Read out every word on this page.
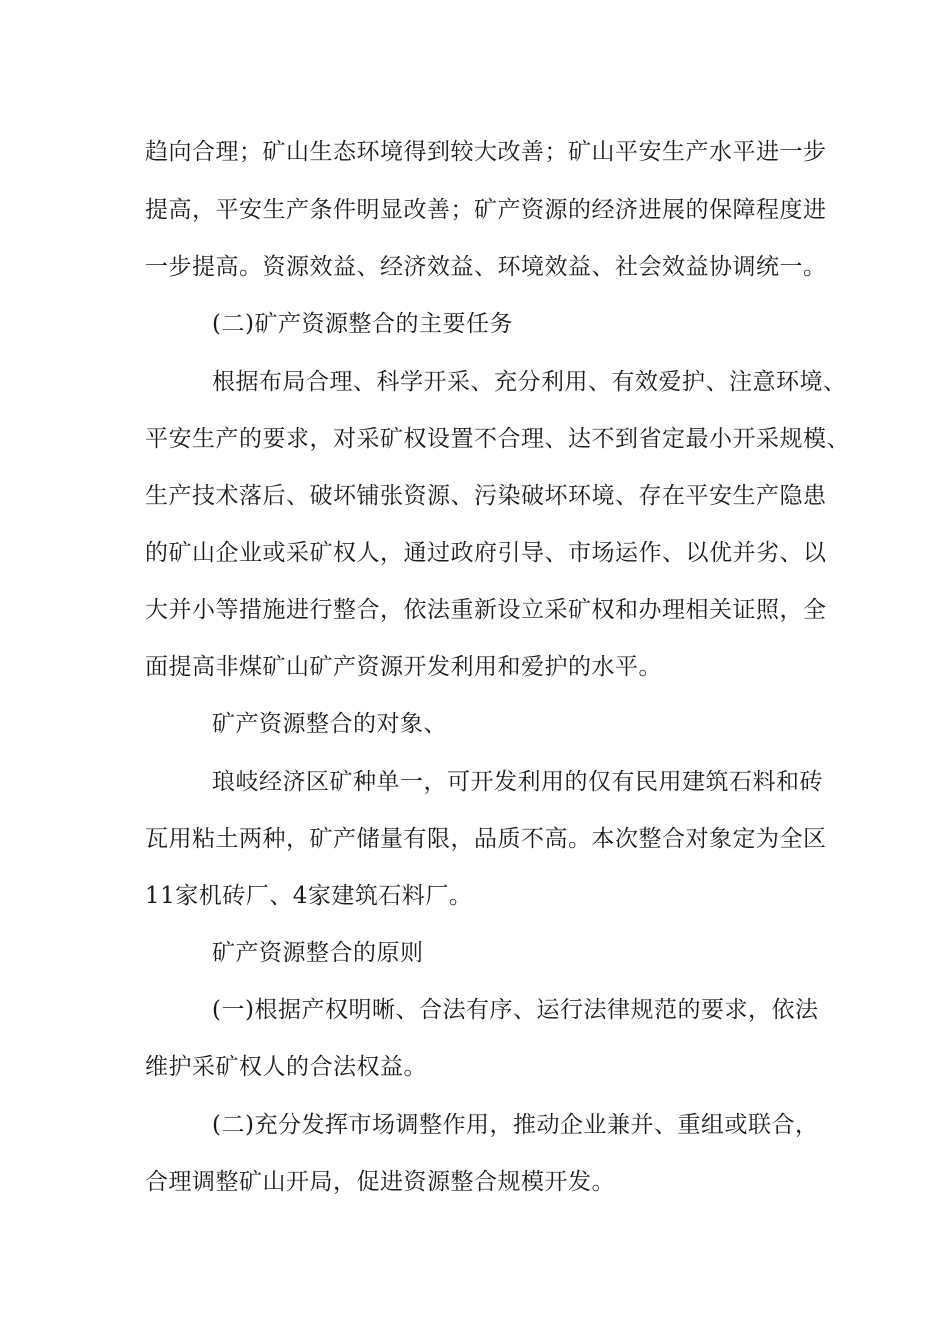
趋向合理；矿山生态环境得到较大改善；矿山平安生产水平进一步
提高，平安生产条件明显改善；矿产资源的经济进展的保障程度进
一步提高。资源效益、经济效益、环境效益、社会效益协调统一。
(二)矿产资源整合的主要任务
根据布局合理、科学开采、充分利用、有效爱护、注意环境、
平安生产的要求，对采矿权设置不合理、达不到省定最小开采规模、
生产技术落后、破坏铺张资源、污染破坏环境、存在平安生产隐患
的矿山企业或采矿权人，通过政府引导、市场运作、以优并劣、以
大并小等措施进行整合，依法重新设立采矿权和办理相关证照，全
面提高非煤矿山矿产资源开发利用和爱护的水平。
矿产资源整合的对象、
琅岐经济区矿种单一，可开发利用的仅有民用建筑石料和砖
瓦用粘土两种，矿产储量有限，品质不高。本次整合对象定为全区
11家机砖厂、4家建筑石料厂。
矿产资源整合的原则
(一)根据产权明晰、合法有序、运行法律规范的要求，依法
维护采矿权人的合法权益。
(二)充分发挥市场调整作用，推动企业兼并、重组或联合，
合理调整矿山开局，促进资源整合规模开发。
